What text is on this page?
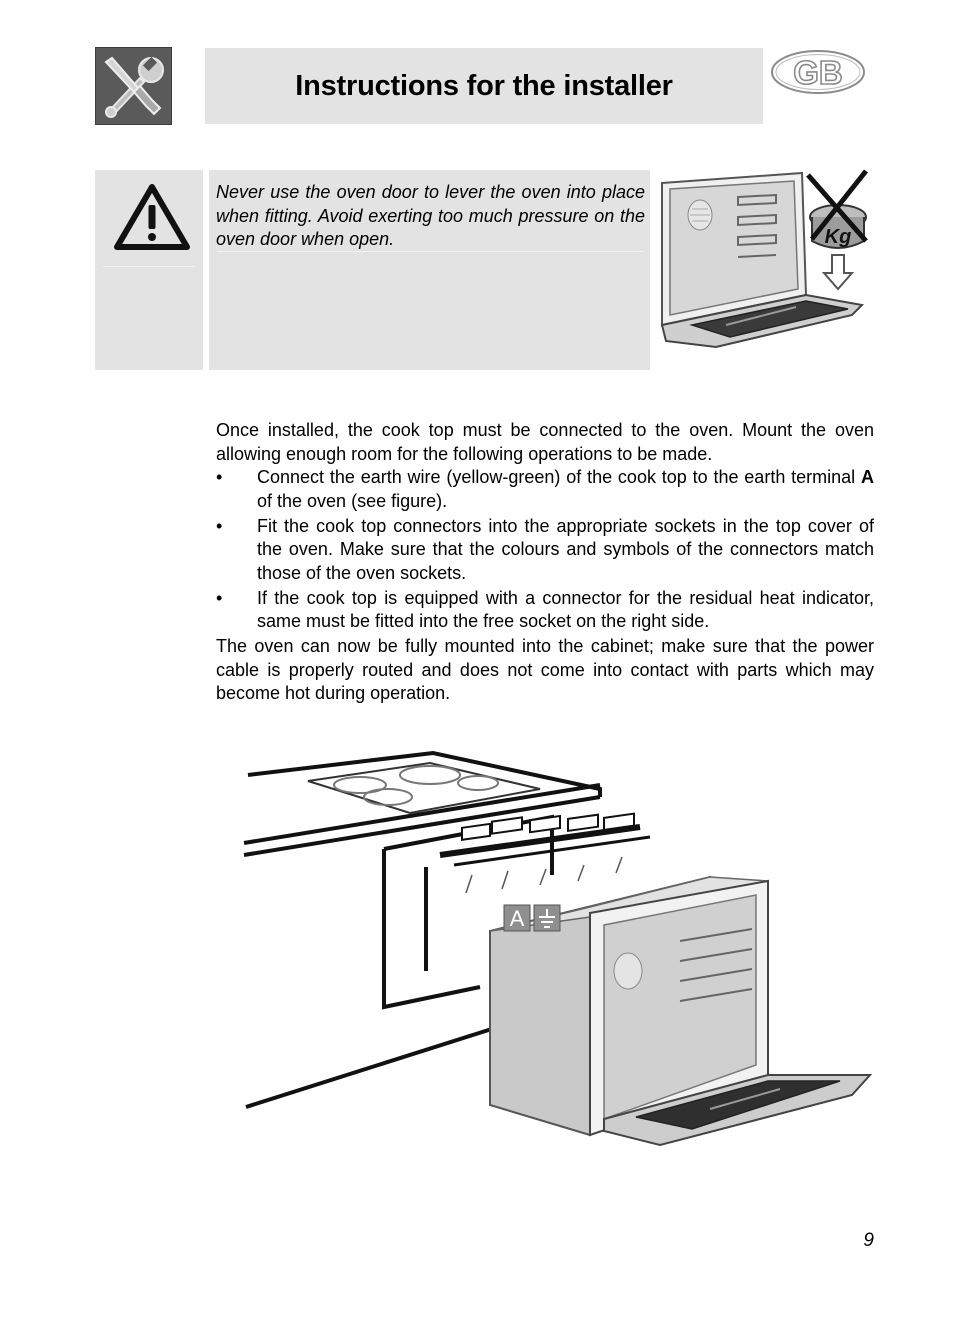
Instructions for the installer	GB

Never use the oven door to lever the oven into place when fitting. Avoid exerting too much pressure on the oven door when open.	Kg

Once installed, the cook top must be connected to the oven. Mount the oven allowing enough room for the following operations to be made.

• Connect the earth wire (yellow-green) of the cook top to the earth terminal A of the oven (see figure).
• Fit the cook top connectors into the appropriate sockets in the top cover of the oven. Make sure that the colours and symbols of the connectors match those of the oven sockets.
• If the cook top is equipped with a connector for the residual heat indicator, same must be fitted into the free socket on the right side.

The oven can now be fully mounted into the cabinet; make sure that the power cable is properly routed and does not come into contact with parts which may become hot during operation.

A
9
